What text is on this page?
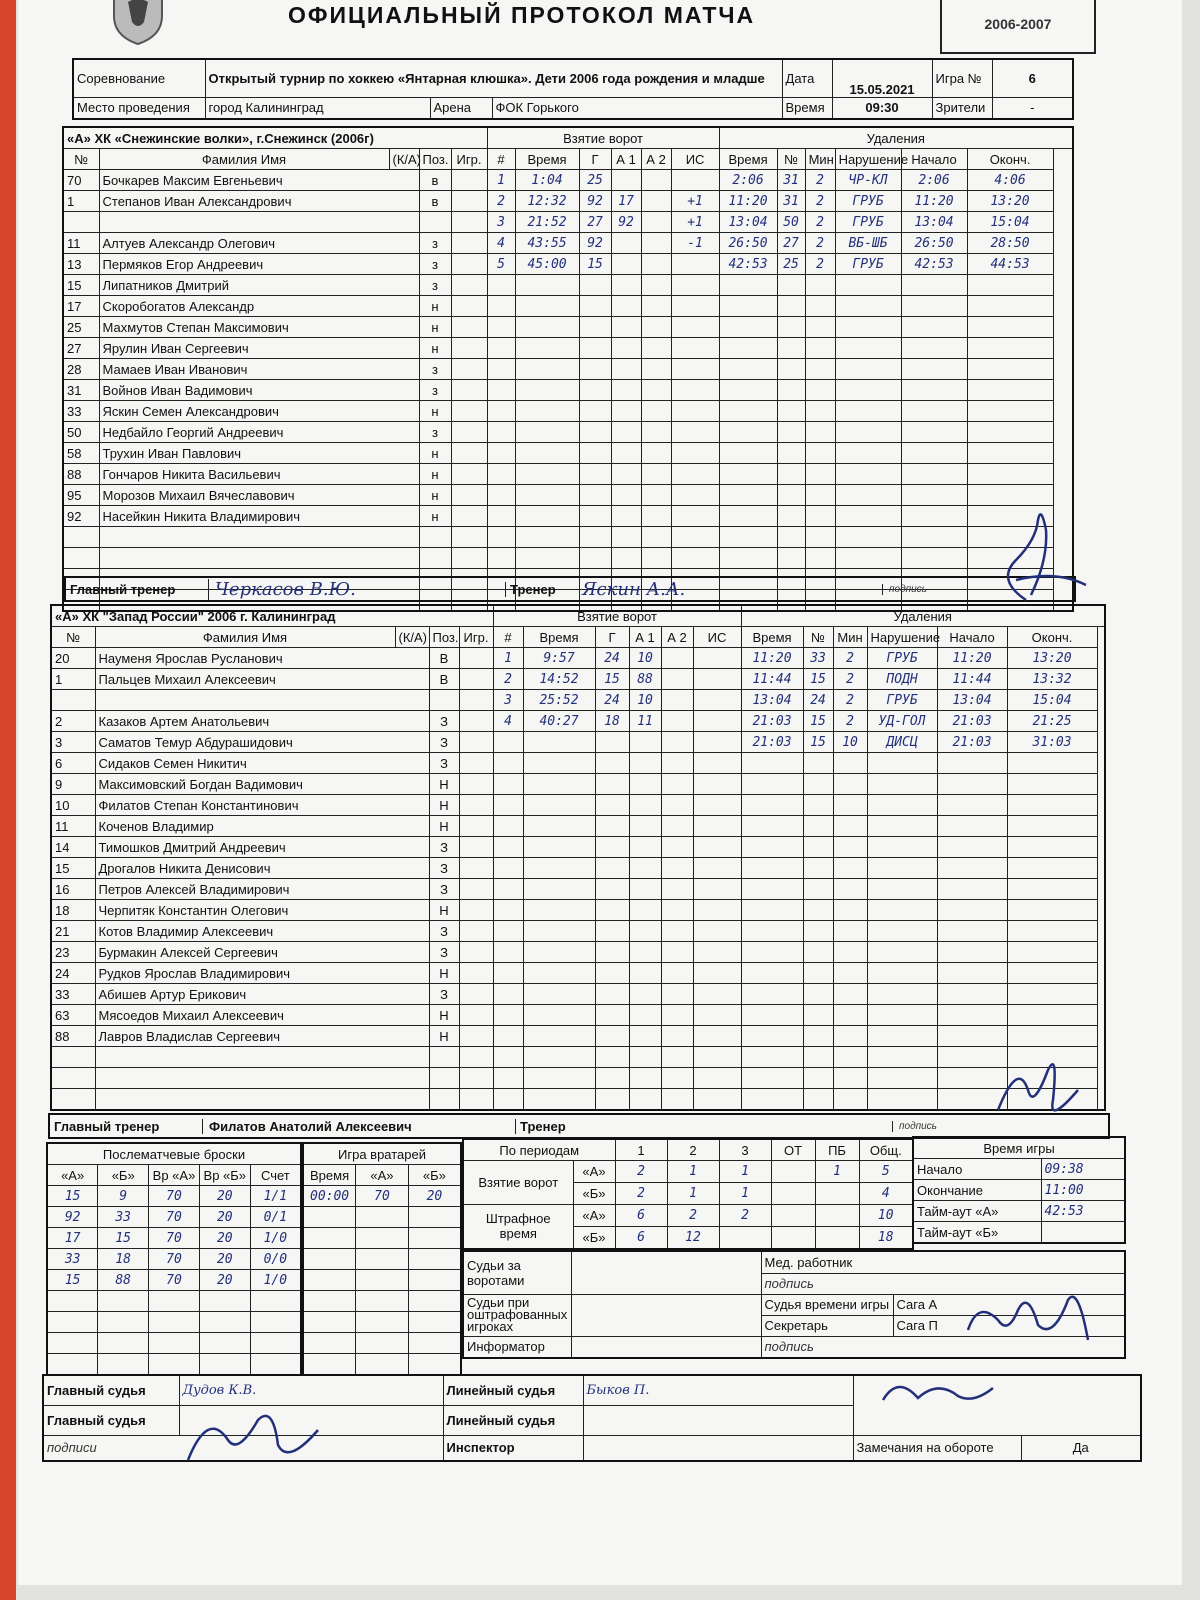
ОФИЦИАЛЬНЫЙ ПРОТОКОЛ МАТЧА	2006-2007
Соревнование	Открытый турнир по хоккею «Янтарная клюшка». Дети 2006 года рождения и младше			Дата	15.05.2021	Игра №	6
Место проведения	город Калининград	Арена	ФОК Горького	Время	09:30	Зрители	-
«А» ХК «Снежинские волки», г.Снежинск (2006г)					Взятие ворот						Удаления					
№	Фамилия Имя	(К/А)	Поз.	Игр.	#	Время	Г	А 1	А 2	ИС	Время	№	Мин	Нарушение	Начало	Оконч.
70	Бочкарев Максим Евгеньевич		в		1	1:04	25				2:06	31	2	ЧР-КЛ	2:06	4:06
1	Степанов Иван Александрович		в		2	12:32	92	17		+1	11:20	31	2	ГРУБ	11:20	13:20
					3	21:52	27	92		+1	13:04	50	2	ГРУБ	13:04	15:04
11	Алтуев Александр Олегович		з		4	43:55	92			-1	26:50	27	2	ВБ-ШБ	26:50	28:50
13	Пермяков Егор Андреевич		з		5	45:00	15				42:53	25	2	ГРУБ	42:53	44:53
15	Липатников Дмитрий		з													
17	Скоробогатов Александр		н													
25	Махмутов Степан Максимович		н													
27	Ярулин Иван Сергеевич		н													
28	Мамаев Иван Иванович		з													
31	Войнов Иван Вадимович		з													
33	Яскин Семен Александрович		н													
50	Недбайло Георгий Андреевич		з													
58	Трухин Иван Павлович		н													
88	Гончаров Никита Васильевич		н													
95	Морозов Михаил Вячеславович		н													
92	Насейкин Никита Владимирович		н													

Главный тренер	Черкасов В.Ю.	Тренер	Яскин А.А.	подпись
«А» ХК "Запад России" 2006 г. Калининград					Взятие ворот						Удаления					
№	Фамилия Имя	(К/А)	Поз.	Игр.	#	Время	Г	А 1	А 2	ИС	Время	№	Мин	Нарушение	Начало	Оконч.
20	Науменя Ярослав Русланович		В		1	9:57	24	10			11:20	33	2	ГРУБ	11:20	13:20
1	Пальцев Михаил Алексеевич		В		2	14:52	15	88			11:44	15	2	ПОДН	11:44	13:32
					3	25:52	24	10			13:04	24	2	ГРУБ	13:04	15:04
2	Казаков Артем Анатольевич		З		4	40:27	18	11			21:03	15	2	УД-ГОЛ	21:03	21:25
3	Саматов Темур Абдурашидович		З								21:03	15	10	ДИСЦ	21:03	31:03
6	Сидаков Семен Никитич		З													
9	Максимовский Богдан Вадимович		Н													
10	Филатов Степан Константинович		Н													
11	Коченов Владимир		Н													
14	Тимошков Дмитрий Андреевич		З													
15	Дрогалов Никита Денисович		З													
16	Петров Алексей Владимирович		З													
18	Черпитяк Константин Олегович		Н													
21	Котов Владимир Алексеевич		З													
23	Бурмакин Алексей Сергеевич		З													
24	Рудков Ярослав Владимирович		Н													
33	Абишев Артур Ерикович		З													
63	Мясоедов Михаил Алексеевич		Н													
88	Лавров Владислав Сергеевич		Н													

Главный тренер	Филатов Анатолий Алексеевич	Тренер	подпись
Послематчевые броски				
«А»	«Б»	Вр «А»	Вр «Б»	Счет
15	9	70	20	1/1
92	33	70	20	0/1
17	15	70	20	1/0
33	18	70	20	0/0
15	88	70	20	1/0

Игра вратарей		
Время	«А»	«Б»
00:00	70	20

По периодам		1	2	3	ОТ	ПБ	Общ.
Взятие ворот	«А»	2	1	1		1	5
	«Б»	2	1	1			4
Штрафное время	«А»	6	2	2			10
	«Б»	6	12				18
Время игры	
Начало	09:38
Окончание	11:00
Тайм-аут «А»	42:53
Тайм-аут «Б»	
Судьи за воротами		Мед. работник	
		подпись	
Судьи при оштрафованных игроках		Судья времени игры	Сага А
		Секретарь	Сага П
Информатор		подпись	
Главный судья	Дудов К.В.	Линейный судья	Быков П.		
Главный судья		Линейный судья			
подписи		Инспектор		Замечания на обороте	Да
